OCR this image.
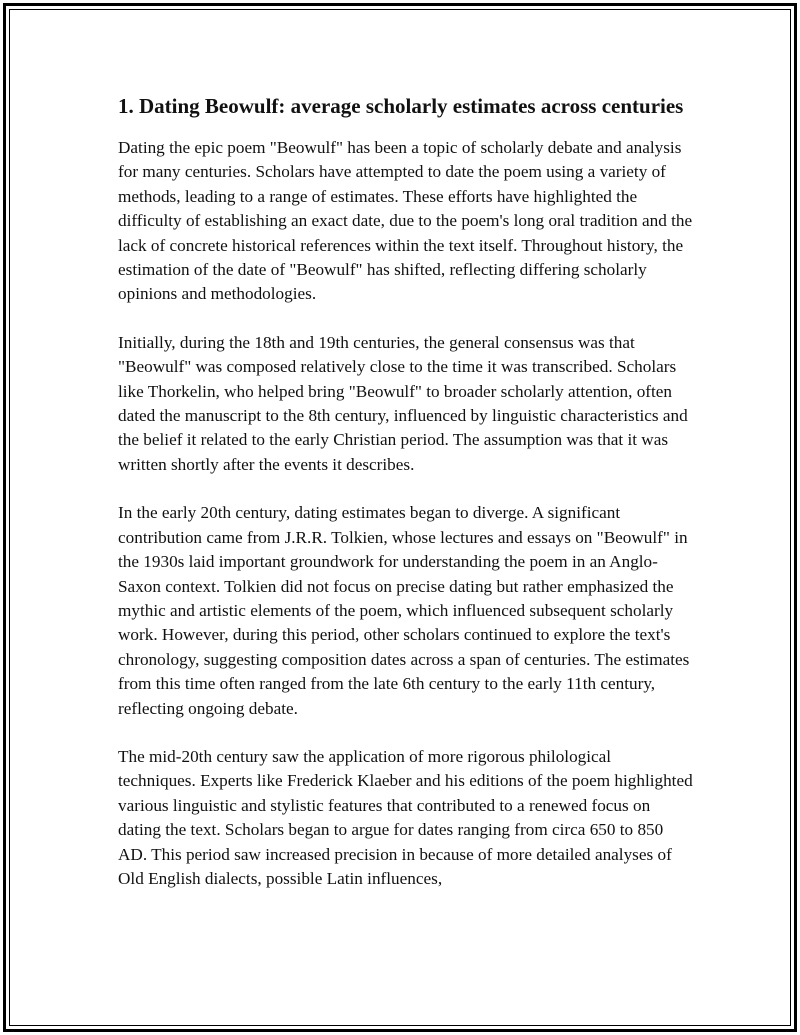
1. Dating Beowulf: average scholarly estimates across centuries

Dating the epic poem "Beowulf" has been a topic of scholarly debate and analysis for many centuries. Scholars have attempted to date the poem using a variety of methods, leading to a range of estimates. These efforts have highlighted the difficulty of establishing an exact date, due to the poem's long oral tradition and the lack of concrete historical references within the text itself. Throughout history, the estimation of the date of "Beowulf" has shifted, reflecting differing scholarly opinions and methodologies.

Initially, during the 18th and 19th centuries, the general consensus was that "Beowulf" was composed relatively close to the time it was transcribed. Scholars like Thorkelin, who helped bring "Beowulf" to broader scholarly attention, often dated the manuscript to the 8th century, influenced by linguistic characteristics and the belief it related to the early Christian period. The assumption was that it was written shortly after the events it describes.

In the early 20th century, dating estimates began to diverge. A significant contribution came from J.R.R. Tolkien, whose lectures and essays on "Beowulf" in the 1930s laid important groundwork for understanding the poem in an Anglo-Saxon context. Tolkien did not focus on precise dating but rather emphasized the mythic and artistic elements of the poem, which influenced subsequent scholarly work. However, during this period, other scholars continued to explore the text's chronology, suggesting composition dates across a span of centuries. The estimates from this time often ranged from the late 6th century to the early 11th century, reflecting ongoing debate.

The mid-20th century saw the application of more rigorous philological techniques. Experts like Frederick Klaeber and his editions of the poem highlighted various linguistic and stylistic features that contributed to a renewed focus on dating the text. Scholars began to argue for dates ranging from circa 650 to 850 AD. This period saw increased precision in because of more detailed analyses of Old English dialects, possible Latin influences,
